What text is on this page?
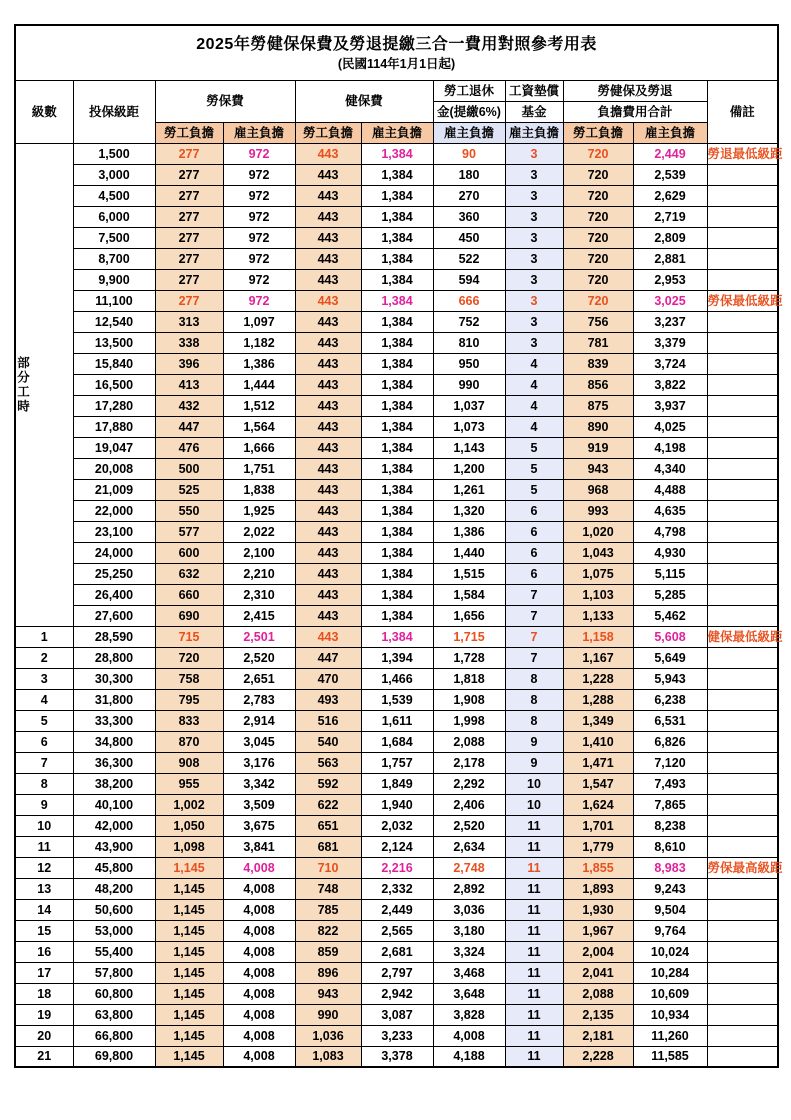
2025年勞健保保費及勞退提繳三合一費用對照參考用表
(民國114年1月1日起)										

級數	投保級距	勞保費		健保費		勞工退休	工資墊償	勞健保及勞退		備註
						金(提繳6%)	基金	負擔費用合計		
		勞工負擔	雇主負擔	勞工負擔	雇主負擔	雇主負擔	雇主負擔	勞工負擔	雇主負擔	

部分工時	1,500	277	972	443	1,384	90	3	720	2,449	勞退最低級距
	3,000	277	972	443	1,384	180	3	720	2,539	
	4,500	277	972	443	1,384	270	3	720	2,629	
	6,000	277	972	443	1,384	360	3	720	2,719	
	7,500	277	972	443	1,384	450	3	720	2,809	
	8,700	277	972	443	1,384	522	3	720	2,881	
	9,900	277	972	443	1,384	594	3	720	2,953	
	11,100	277	972	443	1,384	666	3	720	3,025	勞保最低級距
	12,540	313	1,097	443	1,384	752	3	756	3,237	
	13,500	338	1,182	443	1,384	810	3	781	3,379	
	15,840	396	1,386	443	1,384	950	4	839	3,724	
	16,500	413	1,444	443	1,384	990	4	856	3,822	
	17,280	432	1,512	443	1,384	1,037	4	875	3,937	
	17,880	447	1,564	443	1,384	1,073	4	890	4,025	
	19,047	476	1,666	443	1,384	1,143	5	919	4,198	
	20,008	500	1,751	443	1,384	1,200	5	943	4,340	
	21,009	525	1,838	443	1,384	1,261	5	968	4,488	
	22,000	550	1,925	443	1,384	1,320	6	993	4,635	
	23,100	577	2,022	443	1,384	1,386	6	1,020	4,798	
	24,000	600	2,100	443	1,384	1,440	6	1,043	4,930	
	25,250	632	2,210	443	1,384	1,515	6	1,075	5,115	
	26,400	660	2,310	443	1,384	1,584	7	1,103	5,285	
	27,600	690	2,415	443	1,384	1,656	7	1,133	5,462	
1	28,590	715	2,501	443	1,384	1,715	7	1,158	5,608	健保最低級距
2	28,800	720	2,520	447	1,394	1,728	7	1,167	5,649	
3	30,300	758	2,651	470	1,466	1,818	8	1,228	5,943	
4	31,800	795	2,783	493	1,539	1,908	8	1,288	6,238	
5	33,300	833	2,914	516	1,611	1,998	8	1,349	6,531	
6	34,800	870	3,045	540	1,684	2,088	9	1,410	6,826	
7	36,300	908	3,176	563	1,757	2,178	9	1,471	7,120	
8	38,200	955	3,342	592	1,849	2,292	10	1,547	7,493	
9	40,100	1,002	3,509	622	1,940	2,406	10	1,624	7,865	
10	42,000	1,050	3,675	651	2,032	2,520	11	1,701	8,238	
11	43,900	1,098	3,841	681	2,124	2,634	11	1,779	8,610	
12	45,800	1,145	4,008	710	2,216	2,748	11	1,855	8,983	勞保最高級距
13	48,200	1,145	4,008	748	2,332	2,892	11	1,893	9,243	
14	50,600	1,145	4,008	785	2,449	3,036	11	1,930	9,504	
15	53,000	1,145	4,008	822	2,565	3,180	11	1,967	9,764	
16	55,400	1,145	4,008	859	2,681	3,324	11	2,004	10,024	
17	57,800	1,145	4,008	896	2,797	3,468	11	2,041	10,284	
18	60,800	1,145	4,008	943	2,942	3,648	11	2,088	10,609	
19	63,800	1,145	4,008	990	3,087	3,828	11	2,135	10,934	
20	66,800	1,145	4,008	1,036	3,233	4,008	11	2,181	11,260	
21	69,800	1,145	4,008	1,083	3,378	4,188	11	2,228	11,585	
